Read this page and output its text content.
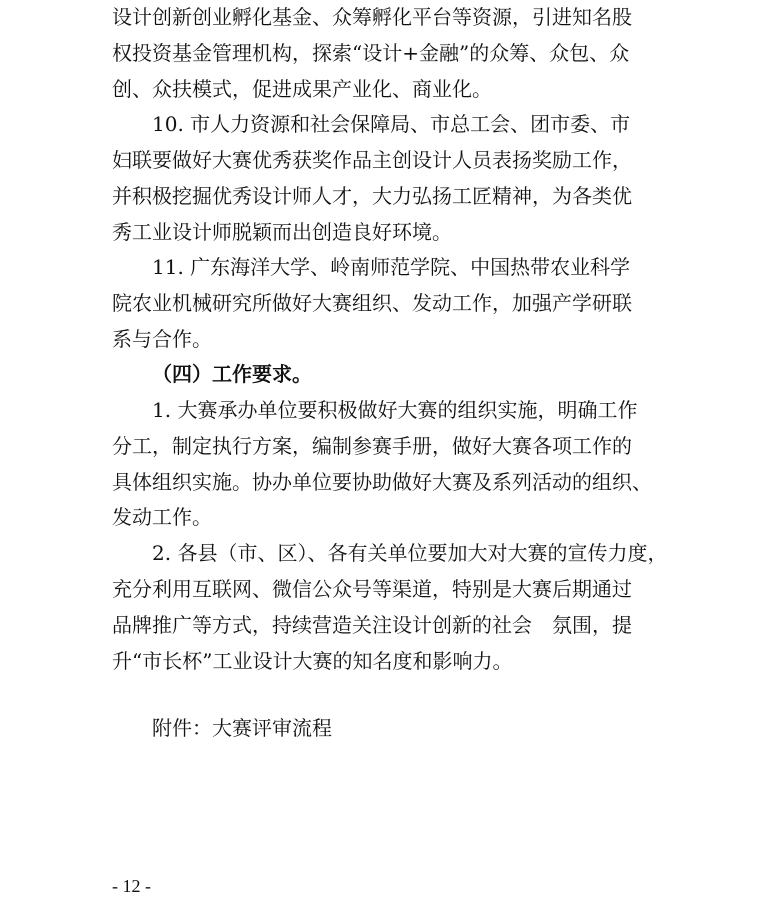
设计创新创业孵化基金、众筹孵化平台等资源，引进知名股
权投资基金管理机构，探索“设计+金融”的众筹、众包、众
创、众扶模式，促进成果产业化、商业化。
10. 市人力资源和社会保障局、市总工会、团市委、市
妇联要做好大赛优秀获奖作品主创设计人员表扬奖励工作，
并积极挖掘优秀设计师人才，大力弘扬工匠精神，为各类优
秀工业设计师脱颖而出创造良好环境。
11. 广东海洋大学、岭南师范学院、中国热带农业科学
院农业机械研究所做好大赛组织、发动工作，加强产学研联
系与合作。
（四）工作要求。
1. 大赛承办单位要积极做好大赛的组织实施，明确工作
分工，制定执行方案，编制参赛手册，做好大赛各项工作的
具体组织实施。协办单位要协助做好大赛及系列活动的组织、
发动工作。
2. 各县（市、区）、各有关单位要加大对大赛的宣传力度，
充分利用互联网、微信公众号等渠道，特别是大赛后期通过
品牌推广等方式，持续营造关注设计创新的社会　氛围，提
升“市长杯”工业设计大赛的知名度和影响力。
附件：大赛评审流程
- 12 -
